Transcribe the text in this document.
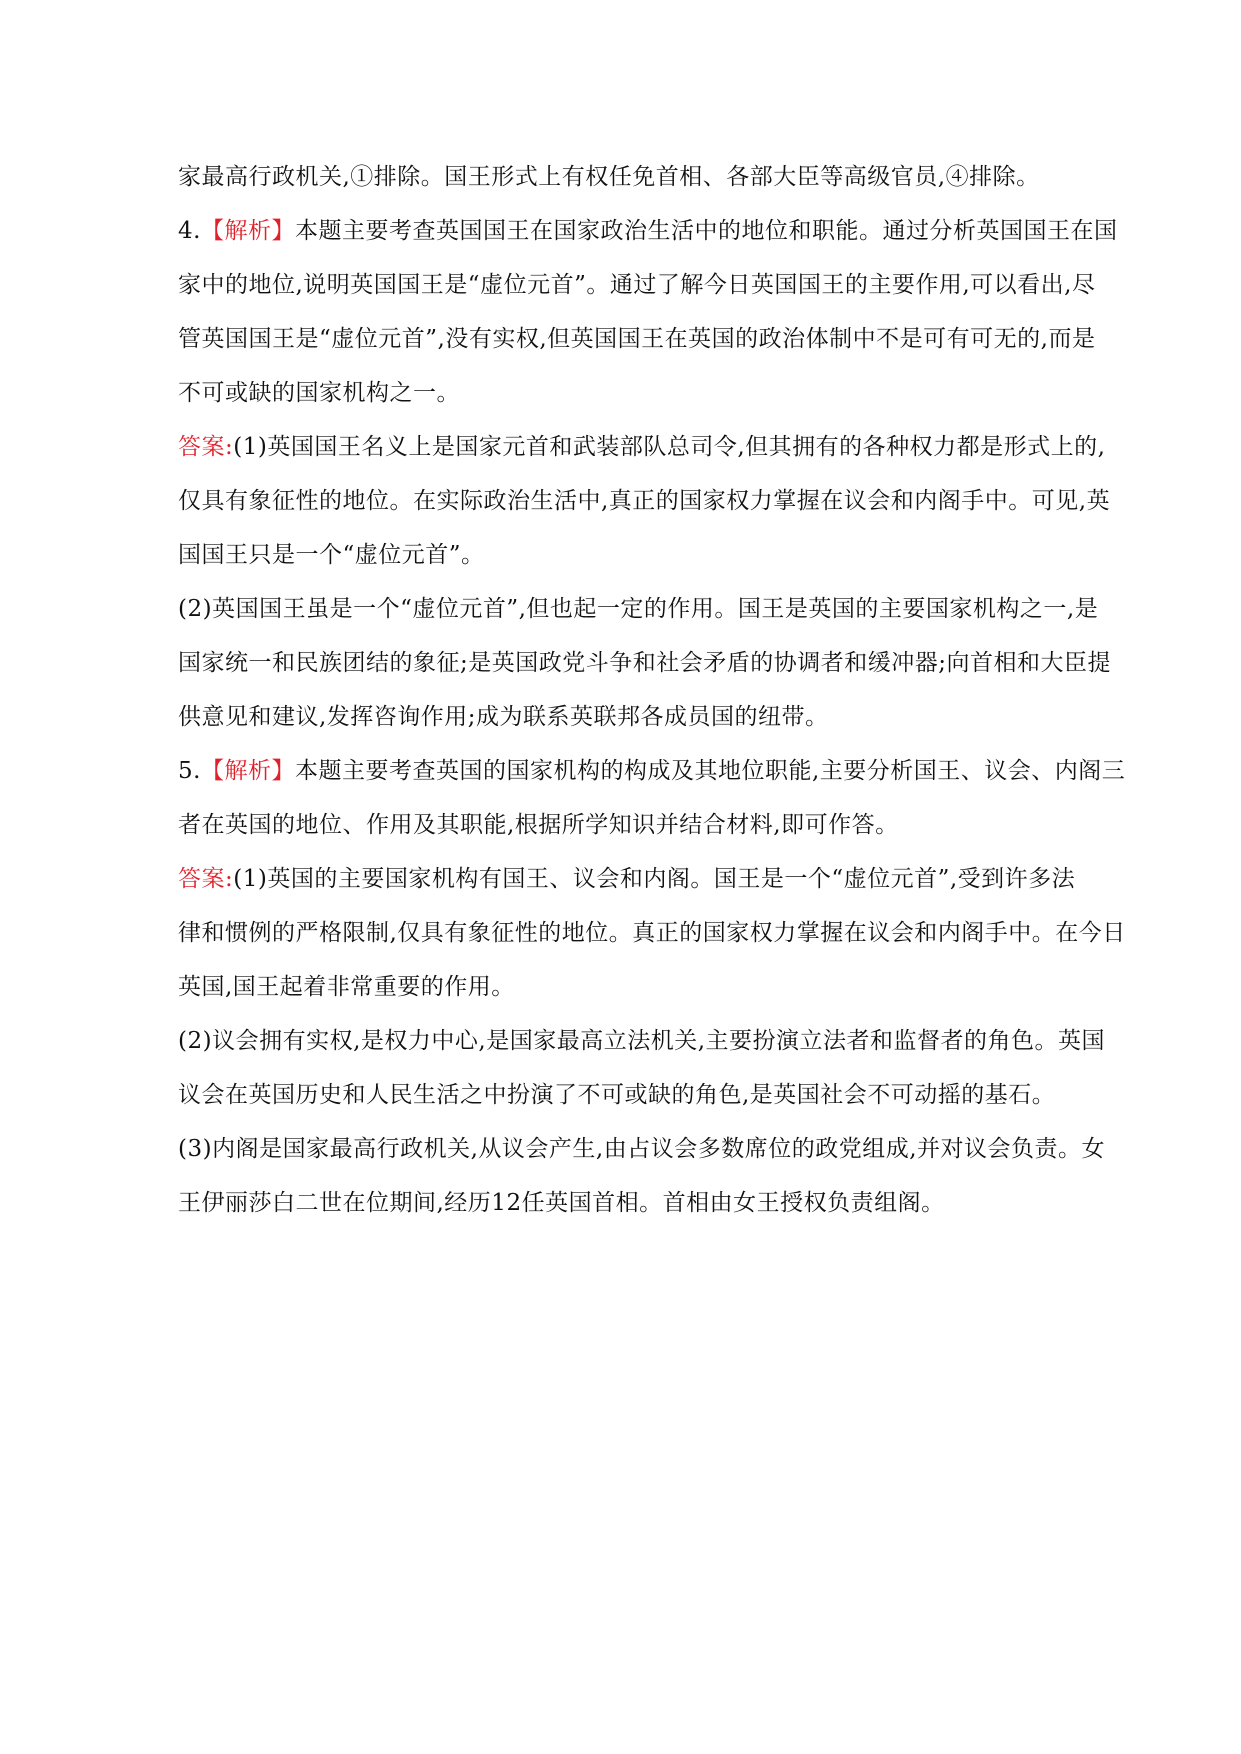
家最高行政机关,①排除。国王形式上有权任免首相、各部大臣等高级官员,④排除。
4.【解析】本题主要考查英国国王在国家政治生活中的地位和职能。通过分析英国国王在国
家中的地位,说明英国国王是“虚位元首”。通过了解今日英国国王的主要作用,可以看出,尽
管英国国王是“虚位元首”,没有实权,但英国国王在英国的政治体制中不是可有可无的,而是
不可或缺的国家机构之一。
答案:(1)英国国王名义上是国家元首和武装部队总司令,但其拥有的各种权力都是形式上的,
仅具有象征性的地位。在实际政治生活中,真正的国家权力掌握在议会和内阁手中。可见,英
国国王只是一个“虚位元首”。
(2)英国国王虽是一个“虚位元首”,但也起一定的作用。国王是英国的主要国家机构之一,是
国家统一和民族团结的象征;是英国政党斗争和社会矛盾的协调者和缓冲器;向首相和大臣提
供意见和建议,发挥咨询作用;成为联系英联邦各成员国的纽带。
5.【解析】本题主要考查英国的国家机构的构成及其地位职能,主要分析国王、议会、内阁三
者在英国的地位、作用及其职能,根据所学知识并结合材料,即可作答。
答案:(1)英国的主要国家机构有国王、议会和内阁。国王是一个“虚位元首”,受到许多法
律和惯例的严格限制,仅具有象征性的地位。真正的国家权力掌握在议会和内阁手中。在今日
英国,国王起着非常重要的作用。
(2)议会拥有实权,是权力中心,是国家最高立法机关,主要扮演立法者和监督者的角色。英国
议会在英国历史和人民生活之中扮演了不可或缺的角色,是英国社会不可动摇的基石。
(3)内阁是国家最高行政机关,从议会产生,由占议会多数席位的政党组成,并对议会负责。女
王伊丽莎白二世在位期间,经历12任英国首相。首相由女王授权负责组阁。
